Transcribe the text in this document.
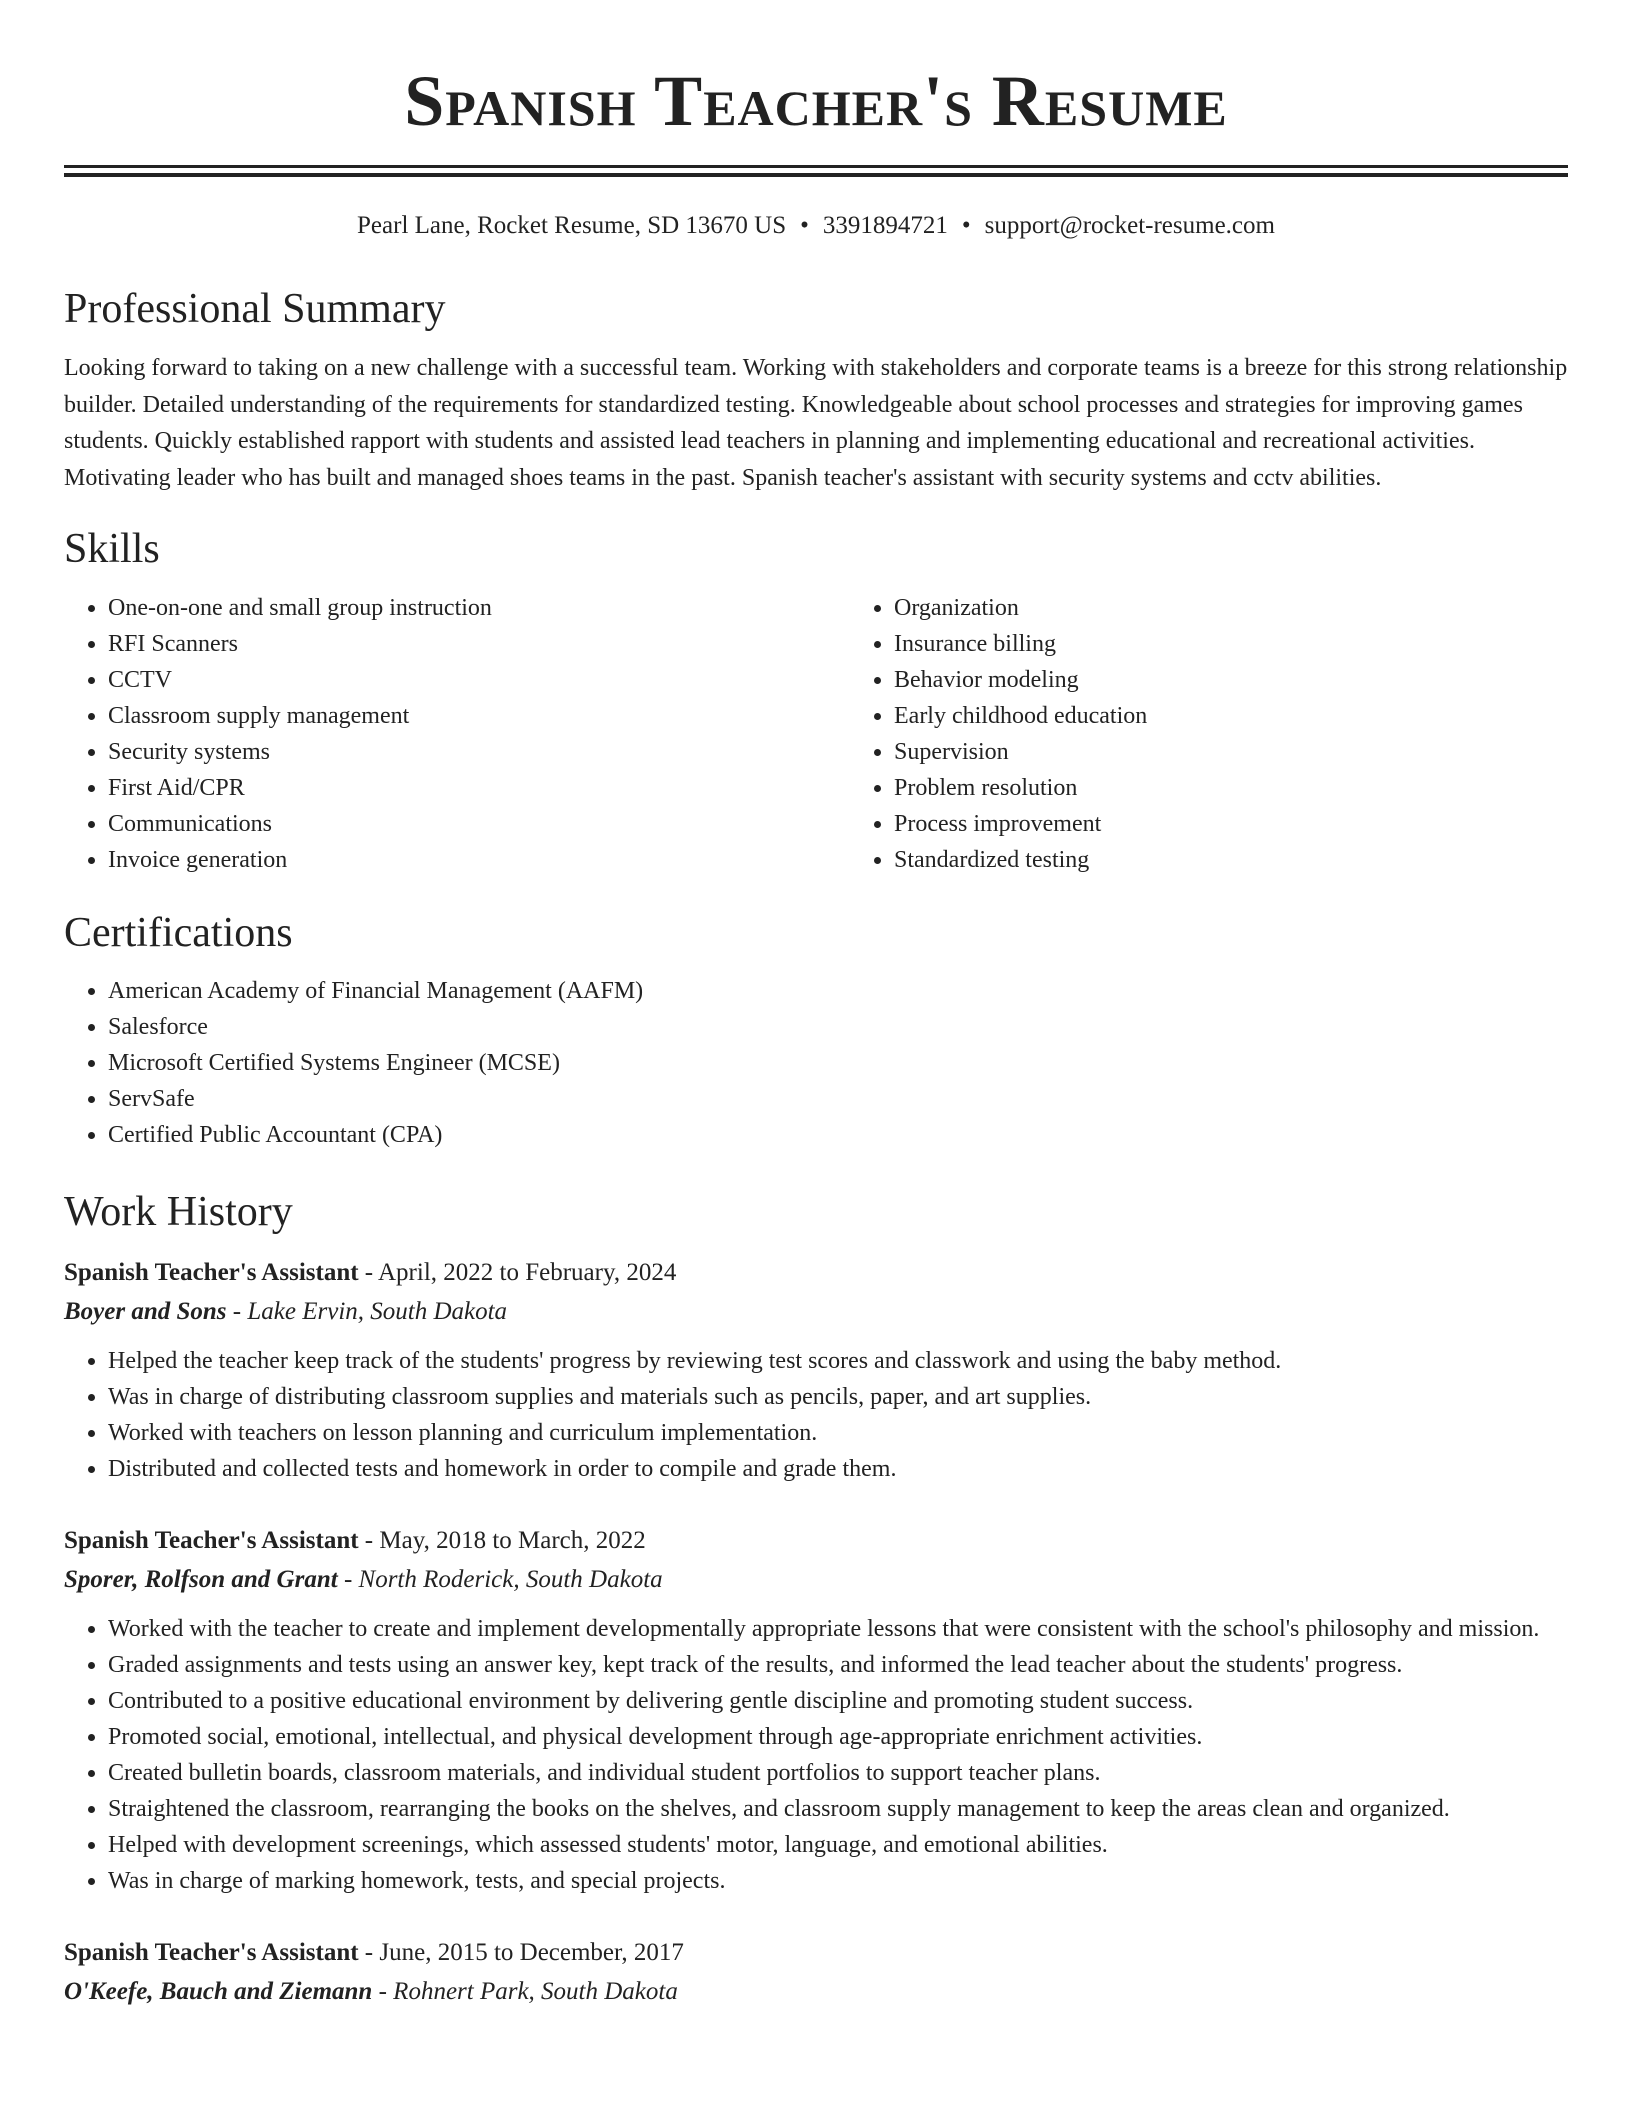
Spanish Teacher's Resume
Pearl Lane, Rocket Resume, SD 13670 US • 3391894721 • support@rocket-resume.com
Professional Summary

Looking forward to taking on a new challenge with a successful team. Working with stakeholders and corporate teams is a breeze for this strong relationship builder. Detailed understanding of the requirements for standardized testing. Knowledgeable about school processes and strategies for improving games students. Quickly established rapport with students and assisted lead teachers in planning and implementing educational and recreational activities. Motivating leader who has built and managed shoes teams in the past. Spanish teacher's assistant with security systems and cctv abilities.

Skills
• One-on-one and small group instruction
• RFI Scanners
• CCTV
• Classroom supply management
• Security systems
• First Aid/CPR
• Communications
• Invoice generation
• Organization
• Insurance billing
• Behavior modeling
• Early childhood education
• Supervision
• Problem resolution
• Process improvement
• Standardized testing
Certifications
• American Academy of Financial Management (AAFM)
• Salesforce
• Microsoft Certified Systems Engineer (MCSE)
• ServSafe
• Certified Public Accountant (CPA)
Work History
Spanish Teacher's Assistant - April, 2022 to February, 2024
Boyer and Sons - Lake Ervin, South Dakota
• Helped the teacher keep track of the students' progress by reviewing test scores and classwork and using the baby method.
• Was in charge of distributing classroom supplies and materials such as pencils, paper, and art supplies.
• Worked with teachers on lesson planning and curriculum implementation.
• Distributed and collected tests and homework in order to compile and grade them.
Spanish Teacher's Assistant - May, 2018 to March, 2022
Sporer, Rolfson and Grant - North Roderick, South Dakota
• Worked with the teacher to create and implement developmentally appropriate lessons that were consistent with the school's philosophy and mission.
• Graded assignments and tests using an answer key, kept track of the results, and informed the lead teacher about the students' progress.
• Contributed to a positive educational environment by delivering gentle discipline and promoting student success.
• Promoted social, emotional, intellectual, and physical development through age-appropriate enrichment activities.
• Created bulletin boards, classroom materials, and individual student portfolios to support teacher plans.
• Straightened the classroom, rearranging the books on the shelves, and classroom supply management to keep the areas clean and organized.
• Helped with development screenings, which assessed students' motor, language, and emotional abilities.
• Was in charge of marking homework, tests, and special projects.
Spanish Teacher's Assistant - June, 2015 to December, 2017
O'Keefe, Bauch and Ziemann - Rohnert Park, South Dakota
